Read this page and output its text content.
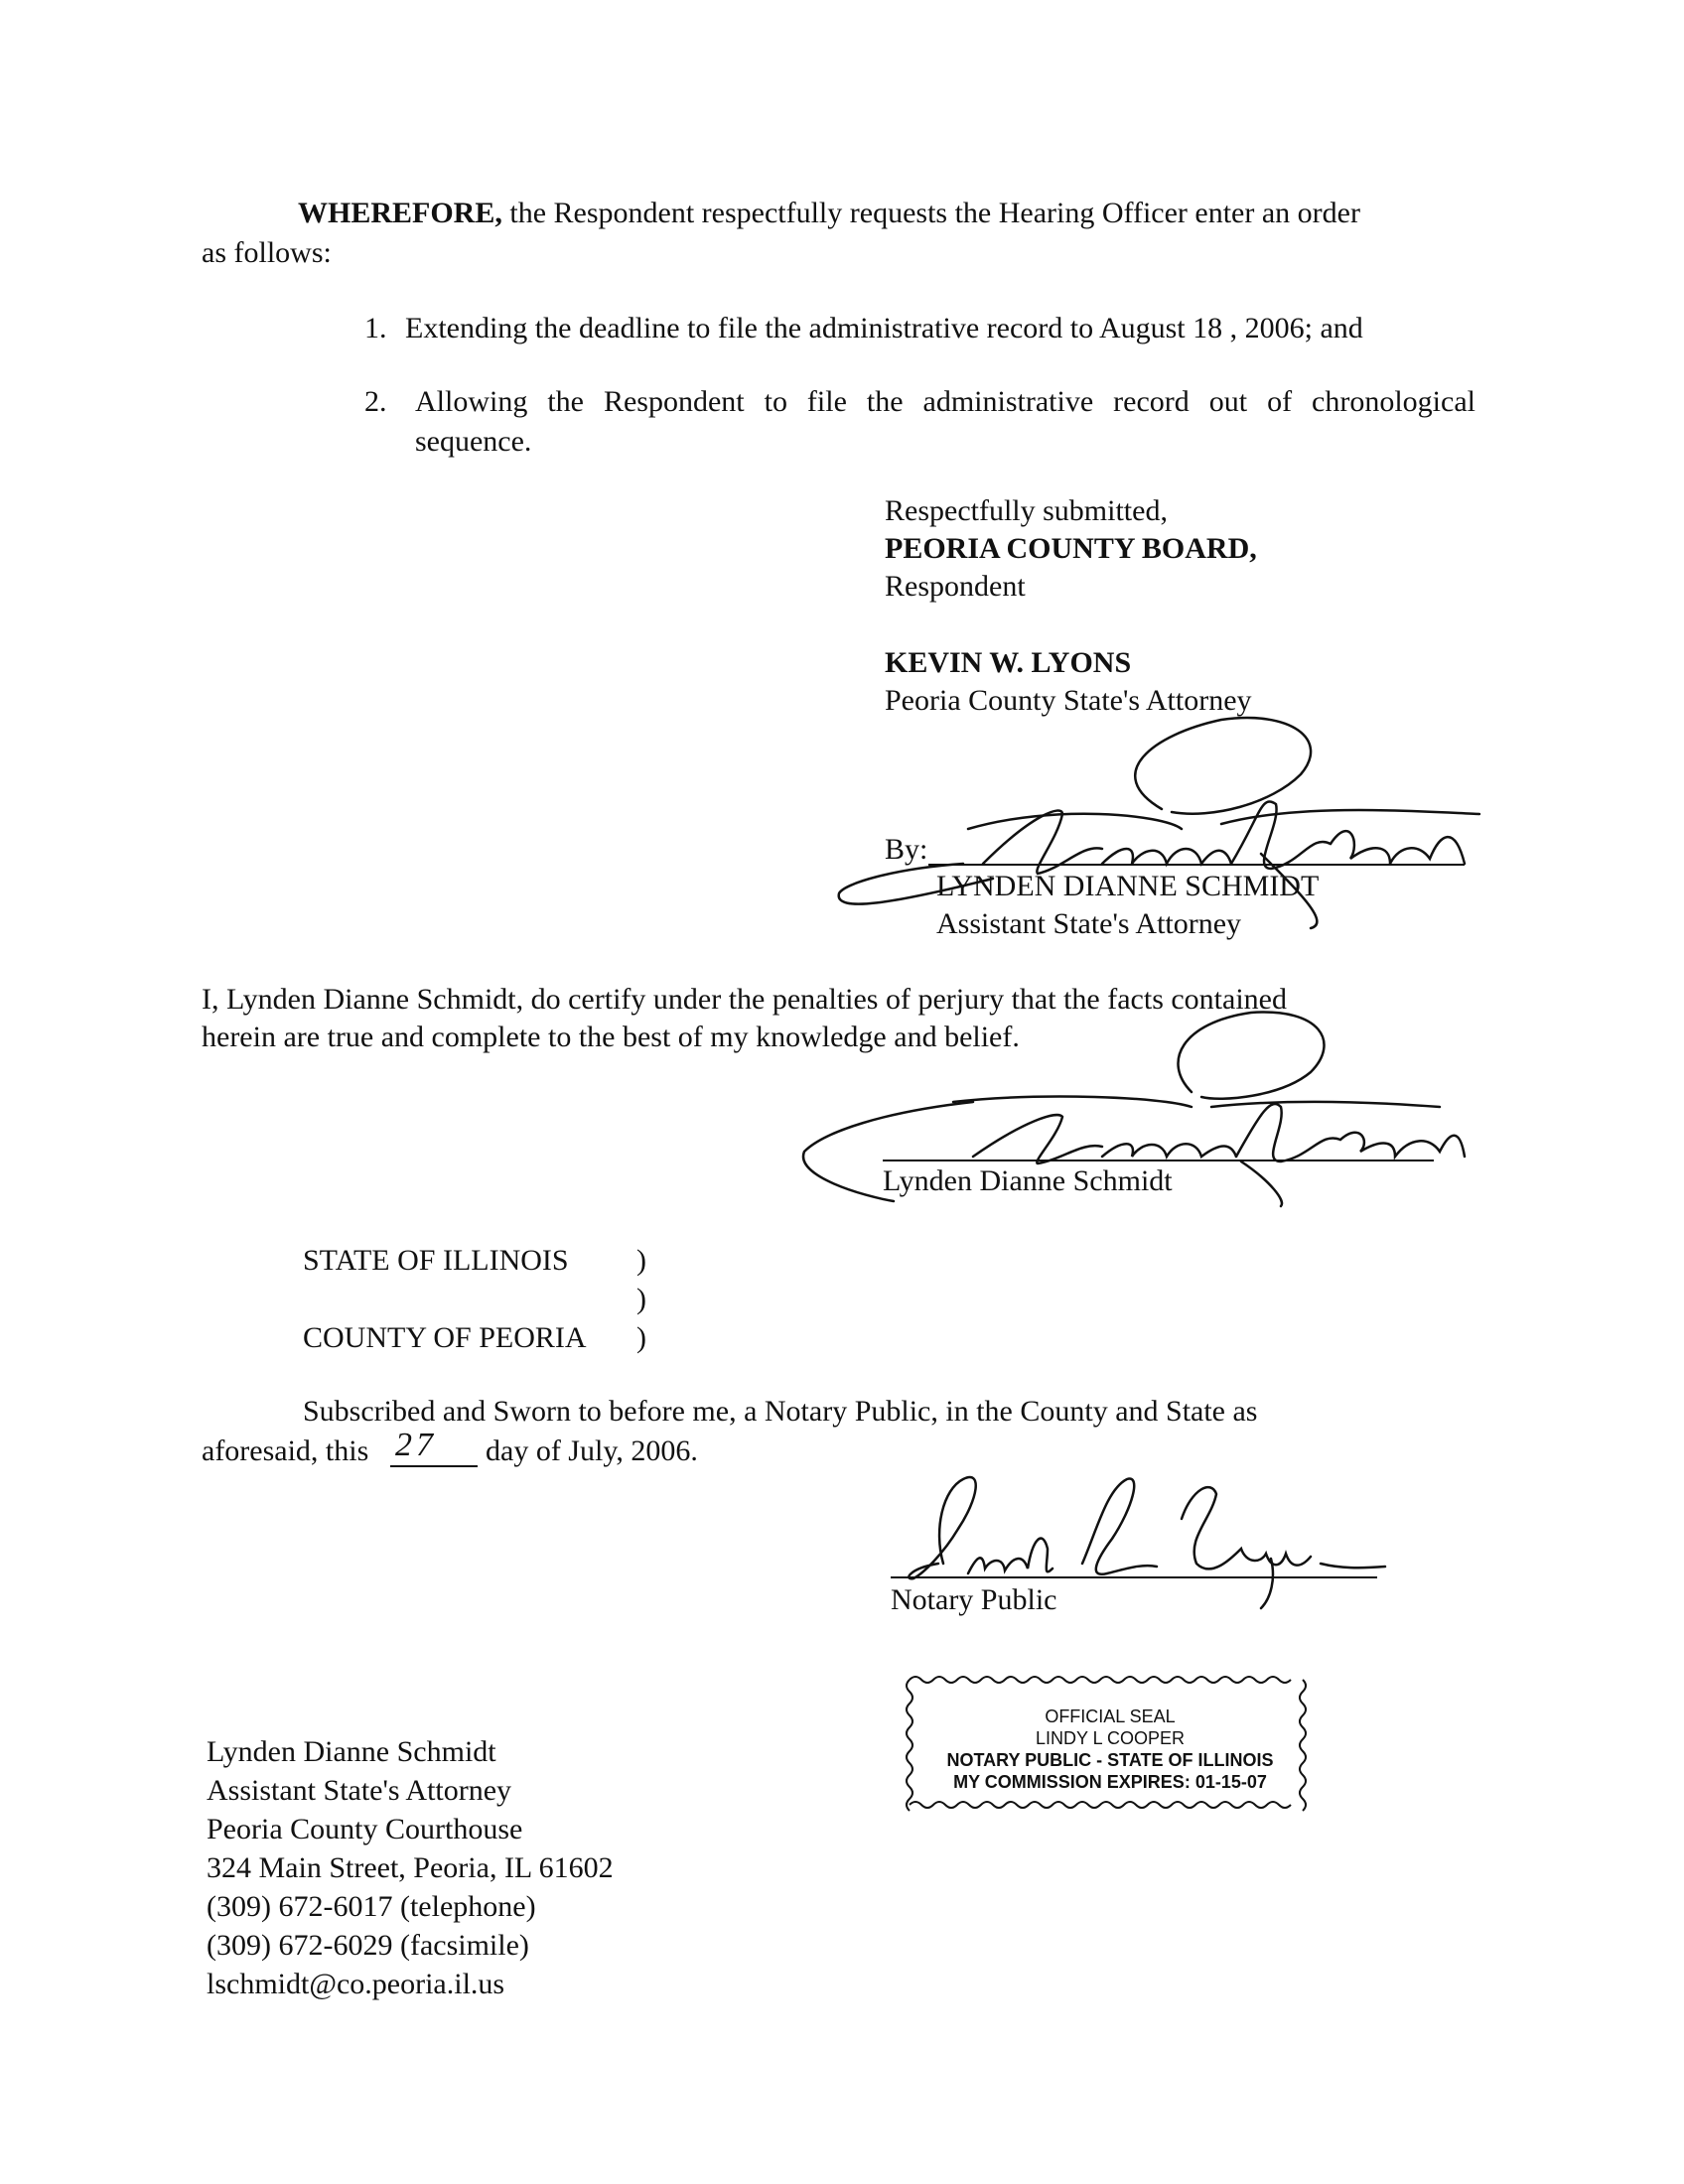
WHEREFORE, the Respondent respectfully requests the Hearing Officer enter an order
as follows:
1. Extending the deadline to file the administrative record to August 18 , 2006; and
2. Allowing the Respondent to file the administrative record out of chronological
sequence.
Respectfully submitted,
PEORIA COUNTY BOARD,
Respondent
KEVIN W. LYONS
Peoria County State's Attorney
By:
LYNDEN DIANNE SCHMIDT
Assistant State's Attorney
I, Lynden Dianne Schmidt, do certify under the penalties of perjury that the facts contained
herein are true and complete to the best of my knowledge and belief.
Lynden Dianne Schmidt
STATE OF ILLINOIS )
)
COUNTY OF PEORIA )
Subscribed and Sworn to before me, a Notary Public, in the County and State as
aforesaid, this 27 day of July, 2006.
Notary Public
OFFICIAL SEAL
LINDY L COOPER
NOTARY PUBLIC - STATE OF ILLINOIS
MY COMMISSION EXPIRES: 01-15-07
Lynden Dianne Schmidt
Assistant State's Attorney
Peoria County Courthouse
324 Main Street, Peoria, IL 61602
(309) 672-6017 (telephone)
(309) 672-6029 (facsimile)
lschmidt@co.peoria.il.us
